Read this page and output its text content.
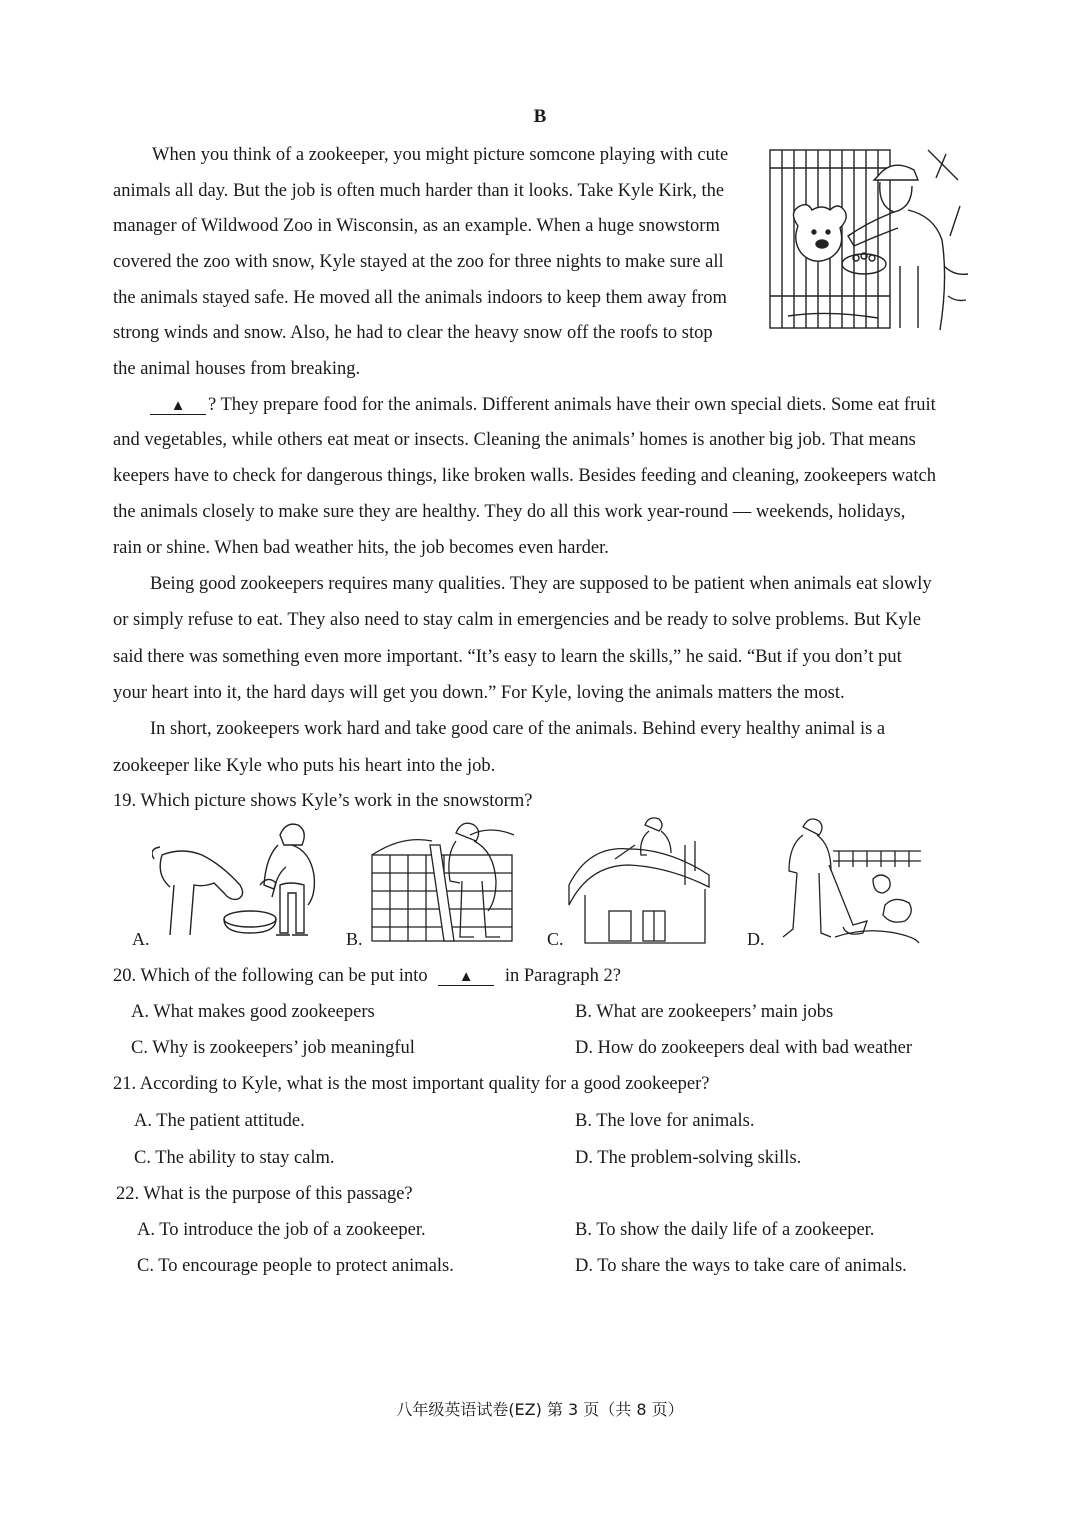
B
When you think of a zookeeper, you might picture somcone playing with cute
animals all day. But the job is often much harder than it looks. Take Kyle Kirk, the
manager of Wildwood Zoo in Wisconsin, as an example. When a huge snowstorm
covered the zoo with snow, Kyle stayed at the zoo for three nights to make sure all
the animals stayed safe. He moved all the animals indoors to keep them away from
strong winds and snow. Also, he had to clear the heavy snow off the roofs to stop
the animal houses from breaking.
▲ ? They prepare food for the animals. Different animals have their own special diets. Some eat fruit
and vegetables, while others eat meat or insects. Cleaning the animals’ homes is another big job. That means
keepers have to check for dangerous things, like broken walls. Besides feeding and cleaning, zookeepers watch
the animals closely to make sure they are healthy. They do all this work year-round — weekends, holidays,
rain or shine. When bad weather hits, the job becomes even harder.
Being good zookeepers requires many qualities. They are supposed to be patient when animals eat slowly
or simply refuse to eat. They also need to stay calm in emergencies and be ready to solve problems. But Kyle
said there was something even more important. “It’s easy to learn the skills,” he said. “But if you don’t put
your heart into it, the hard days will get you down.” For Kyle, loving the animals matters the most.
In short, zookeepers work hard and take good care of the animals. Behind every healthy animal is a
zookeeper like Kyle who puts his heart into the job.
19. Which picture shows Kyle’s work in the snowstorm?
A.	B.	C.	D.
20. Which of the following can be put into ▲ in Paragraph 2?
A. What makes good zookeepers	B. What are zookeepers’ main jobs
C. Why is zookeepers’ job meaningful	D. How do zookeepers deal with bad weather
21. According to Kyle, what is the most important quality for a good zookeeper?
A. The patient attitude.	B. The love for animals.
C. The ability to stay calm.	D. The problem-solving skills.
22. What is the purpose of this passage?
A. To introduce the job of a zookeeper.	B. To show the daily life of a zookeeper.
C. To encourage people to protect animals.	D. To share the ways to take care of animals.
八年级英语试卷(EZ) 第 3 页（共 8 页）
